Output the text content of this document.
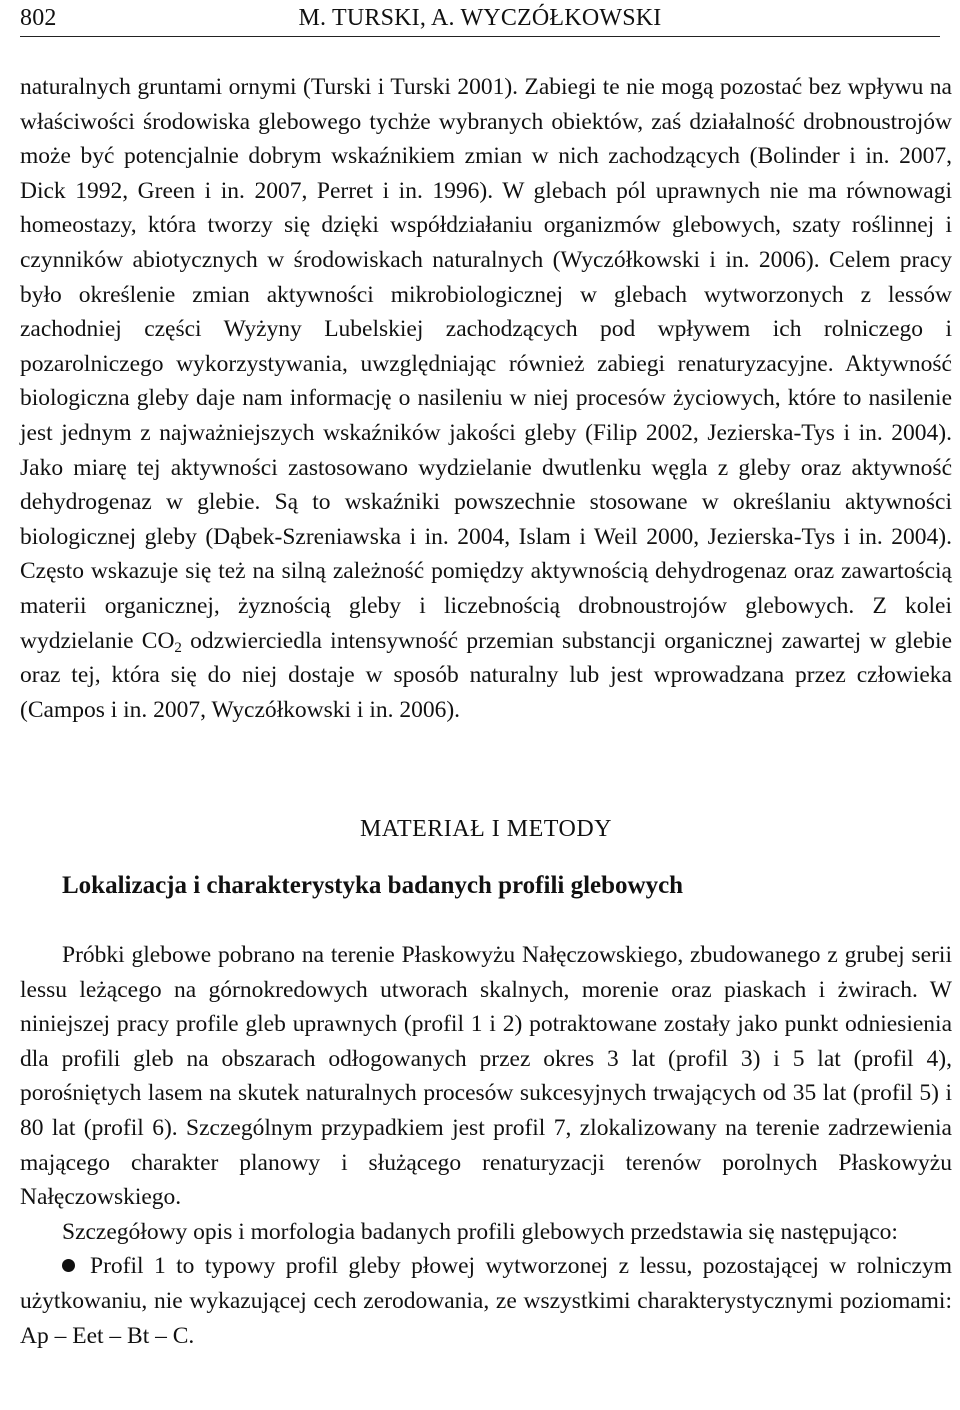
802	M. TURSKI, A. WYCZÓŁKOWSKI

naturalnych gruntami ornymi (Turski i Turski 2001). Zabiegi te nie mogą pozostać bez wpływu na właściwości środowiska glebowego tychże wybranych obiektów, zaś działalność drobnoustrojów może być potencjalnie dobrym wskaźnikiem zmian w nich zachodzących (Bolinder i in. 2007, Dick 1992, Green i in. 2007, Perret i in. 1996). W glebach pól uprawnych nie ma równowagi homeostazy, która tworzy się dzięki współdziałaniu organizmów glebowych, szaty roślinnej i czynników abiotycznych w środowiskach naturalnych (Wyczółkowski i in. 2006). Celem pracy było określenie zmian aktywności mikrobiologicznej w glebach wytworzonych z lessów zachodniej części Wyżyny Lubelskiej zachodzących pod wpływem ich rolniczego i pozarolniczego wykorzystywania, uwzględniając również zabiegi renaturyzacyjne. Aktywność biologiczna gleby daje nam informację o nasileniu w niej procesów życiowych, które to nasilenie jest jednym z najważniejszych wskaźników jakości gleby (Filip 2002, Jezierska-Tys i in. 2004). Jako miarę tej aktywności zastosowano wydzielanie dwutlenku węgla z gleby oraz aktywność dehydrogenaz w glebie. Są to wskaźniki powszechnie stosowane w określaniu aktywności biologicznej gleby (Dąbek-Szreniawska i in. 2004, Islam i Weil 2000, Jezierska-Tys i in. 2004). Często wskazuje się też na silną zależność pomiędzy aktywnością dehydrogenaz oraz zawartością materii organicznej, żyznością gleby i liczebnością drobnoustrojów glebowych. Z kolei wydzielanie $CO_2$ odzwierciedla intensywność przemian substancji organicznej zawartej w glebie oraz tej, która się do niej dostaje w sposób naturalny lub jest wprowadzana przez człowieka (Campos i in. 2007, Wyczółkowski i in. 2006).

MATERIAŁ I METODY
Lokalizacja i charakterystyka badanych profili glebowych

Próbki glebowe pobrano na terenie Płaskowyżu Nałęczowskiego, zbudowanego z grubej serii lessu leżącego na górnokredowych utworach skalnych, morenie oraz piaskach i żwirach. W niniejszej pracy profile gleb uprawnych (profil 1 i 2) potraktowane zostały jako punkt odniesienia dla profili gleb na obszarach odłogowanych przez okres 3 lat (profil 3) i 5 lat (profil 4), porośniętych lasem na skutek naturalnych procesów sukcesyjnych trwających od 35 lat (profil 5) i 80 lat (profil 6). Szczególnym przypadkiem jest profil 7, zlokalizowany na terenie zadrzewienia mającego charakter planowy i służącego renaturyzacji terenów porolnych Płaskowyżu Nałęczowskiego.

Szczegółowy opis i morfologia badanych profili glebowych przedstawia się następująco:

Profil 1 to typowy profil gleby płowej wytworzonej z lessu, pozostającej w rolniczym użytkowaniu, nie wykazującej cech zerodowania, ze wszystkimi charakterystycznymi poziomami: Ap – Eet – Bt – C.
